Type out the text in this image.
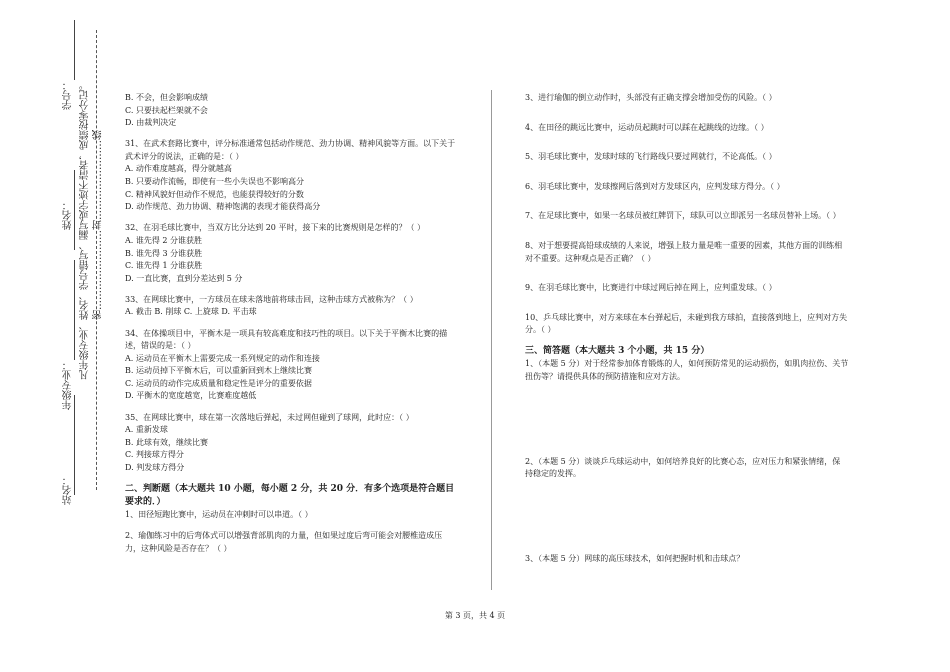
学号：
姓名：
年级专业：
站名：
凡年级专业、姓名、学号错写、漏写或字迹不清者，成绩按零分记。 密……………………封……………………线

B. 不会，但会影响成绩

C. 只要扶起栏架就不会

D. 由裁判决定

31、在武术套路比赛中，评分标准通常包括动作规范、劲力协调、精神风貌等方面。以下关于

武术评分的说法，正确的是：（ ）

A. 动作难度越高，得分就越高

B. 只要动作流畅，即使有一些小失误也不影响高分

C. 精神风貌好但动作不规范，也能获得较好的分数

D. 动作规范、劲力协调、精神饱满的表现才能获得高分

32、在羽毛球比赛中，当双方比分达到 20 平时，接下来的比赛规则是怎样的？（ ）

A. 谁先得 2 分谁获胜

B. 谁先得 3 分谁获胜

C. 谁先得 1 分谁获胜

D. 一直比赛，直到分差达到 5 分

33、在网球比赛中，一方球员在球未落地前将球击回，这种击球方式被称为？（ ）

A. 截击 B. 削球 C. 上旋球 D. 平击球

34、在体操项目中，平衡木是一项具有较高难度和技巧性的项目。以下关于平衡木比赛的描

述，错误的是：（ ）

A. 运动员在平衡木上需要完成一系列规定的动作和连接

B. 运动员掉下平衡木后，可以重新回到木上继续比赛

C. 运动员的动作完成质量和稳定性是评分的重要依据

D. 平衡木的宽度越宽，比赛难度越低

35、在网球比赛中，球在第一次落地后弹起，未过网但碰到了球网，此时应：（ ）

A. 重新发球

B. 此球有效，继续比赛

C. 判接球方得分

D. 判发球方得分

二、判断题（本大题共 10 小题，每小题 2 分，共 20 分．有多个选项是符合题目

要求的．）

1、田径短跑比赛中，运动员在冲刺时可以串道。（ ）

2、瑜伽练习中的后弯体式可以增强背部肌肉的力量，但如果过度后弯可能会对腰椎造成压

力，这种风险是否存在？（ ）

3、进行瑜伽的倒立动作时，头部没有正确支撑会增加受伤的风险。（ ）

4、在田径的跳远比赛中，运动员起跳时可以踩在起跳线的边缘。（ ）

5、羽毛球比赛中，发球时球的飞行路线只要过网就行，不论高低。（ ）

6、羽毛球比赛中，发球擦网后落到对方发球区内，应判发球方得分。（ ）

7、在足球比赛中，如果一名球员被红牌罚下，球队可以立即派另一名球员替补上场。（ ）

8、对于想要提高铅球成绩的人来说，增强上肢力量是唯一重要的因素，其他方面的训练相

对不重要。这种观点是否正确？（ ）

9、在羽毛球比赛中，比赛进行中球过网后掉在网上，应判重发球。（ ）

10、乒乓球比赛中，对方来球在本台弹起后，未碰到我方球拍，直接落到地上，应判对方失

分。（ ）

三、简答题（本大题共 3 个小题，共 15 分）

1、（本题 5 分）对于经常参加体育锻炼的人，如何预防常见的运动损伤，如肌肉拉伤、关节

扭伤等？请提供具体的预防措施和应对方法。

2、（本题 5 分）谈谈乒乓球运动中，如何培养良好的比赛心态，应对压力和紧张情绪，保

持稳定的发挥。

3、（本题 5 分）网球的高压球技术，如何把握时机和击球点？

第 3 页，共 4 页
